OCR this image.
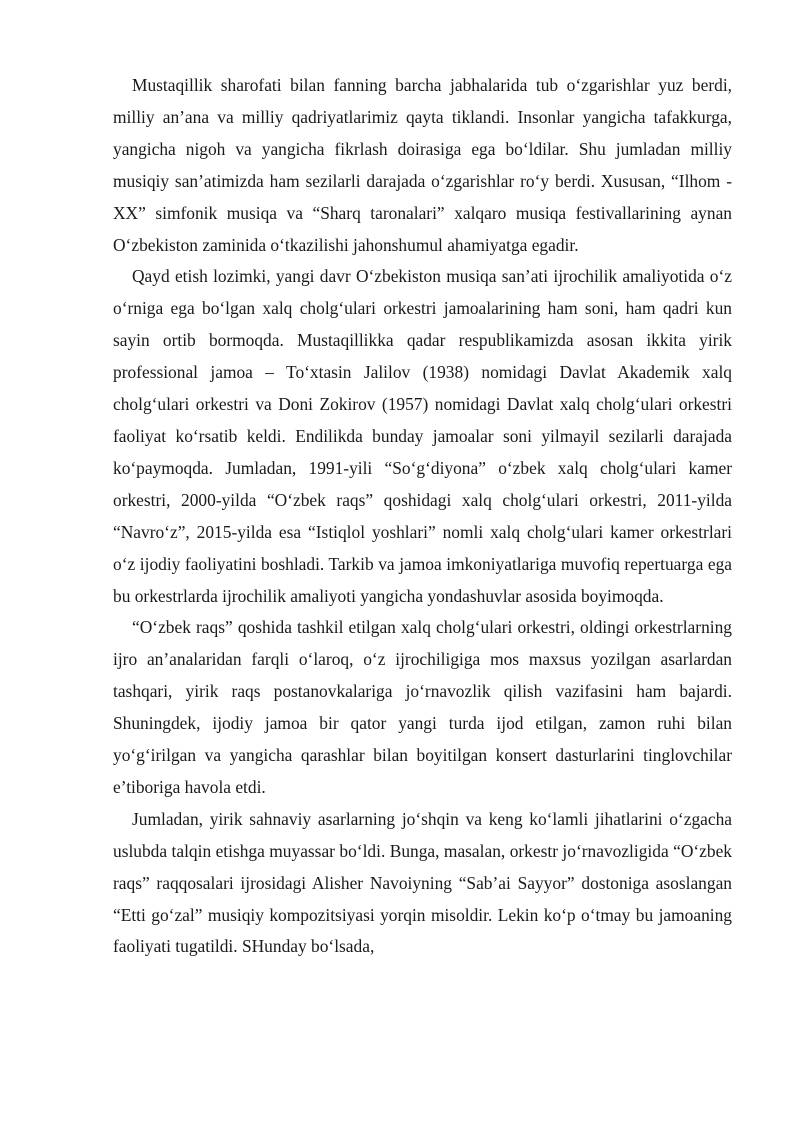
Mustaqillik sharofati bilan fanning barcha jabhalarida tub o‘zgarishlar yuz berdi, milliy an’ana va milliy qadriyatlarimiz qayta tiklandi. Insonlar yangicha tafakkurga, yangicha nigoh va yangicha fikrlash doirasiga ega bo‘ldilar. Shu jumladan milliy musiqiy san’atimizda ham sezilarli darajada o‘zgarishlar ro‘y berdi. Xususan, “Ilhom - XX” simfonik musiqa va “Sharq taronalari” xalqaro musiqa festivallarining aynan O‘zbekiston zaminida o‘tkazilishi jahonshumul ahamiyatga egadir.

Qayd etish lozimki, yangi davr O‘zbekiston musiqa san’ati ijrochilik amaliyotida o‘z o‘rniga ega bo‘lgan xalq cholg‘ulari orkestri jamoalarining ham soni, ham qadri kun sayin ortib bormoqda. Mustaqillikka qadar respublikamizda asosan ikkita yirik professional jamoa – To‘xtasin Jalilov (1938) nomidagi Davlat Akademik xalq cholg‘ulari orkestri va Doni Zokirov (1957) nomidagi Davlat xalq cholg‘ulari orkestri faoliyat ko‘rsatib keldi. Endilikda bunday jamoalar soni yilmayil sezilarli darajada ko‘paymoqda. Jumladan, 1991-yili “So‘g‘diyona” o‘zbek xalq cholg‘ulari kamer orkestri, 2000-yilda “O‘zbek raqs” qoshidagi xalq cholg‘ulari orkestri, 2011-yilda “Navro‘z”, 2015-yilda esa “Istiqlol yoshlari” nomli xalq cholg‘ulari kamer orkestrlari o‘z ijodiy faoliyatini boshladi. Tarkib va jamoa imkoniyatlariga muvofiq repertuarga ega bu orkestrlarda ijrochilik amaliyoti yangicha yondashuvlar asosida boyimoqda.

“O‘zbek raqs” qoshida tashkil etilgan xalq cholg‘ulari orkestri, oldingi orkestrlarning ijro an’analaridan farqli o‘laroq, o‘z ijrochiligiga mos maxsus yozilgan asarlardan tashqari, yirik raqs postanovkalariga jo‘rnavozlik qilish vazifasini ham bajardi. Shuningdek, ijodiy jamoa bir qator yangi turda ijod etilgan, zamon ruhi bilan yo‘g‘irilgan va yangicha qarashlar bilan boyitilgan konsert dasturlarini tinglovchilar e’tiboriga havola etdi.

Jumladan, yirik sahnaviy asarlarning jo‘shqin va keng ko‘lamli jihatlarini o‘zgacha uslubda talqin etishga muyassar bo‘ldi. Bunga, masalan, orkestr jo‘rnavozligida “O‘zbek raqs” raqqosalari ijrosidagi Alisher Navoiyning “Sab’ai Sayyor” dostoniga asoslangan “Etti go‘zal” musiqiy kompozitsiyasi yorqin misoldir. Lekin ko‘p o‘tmay bu jamoaning faoliyati tugatildi. SHunday bo‘lsada,
